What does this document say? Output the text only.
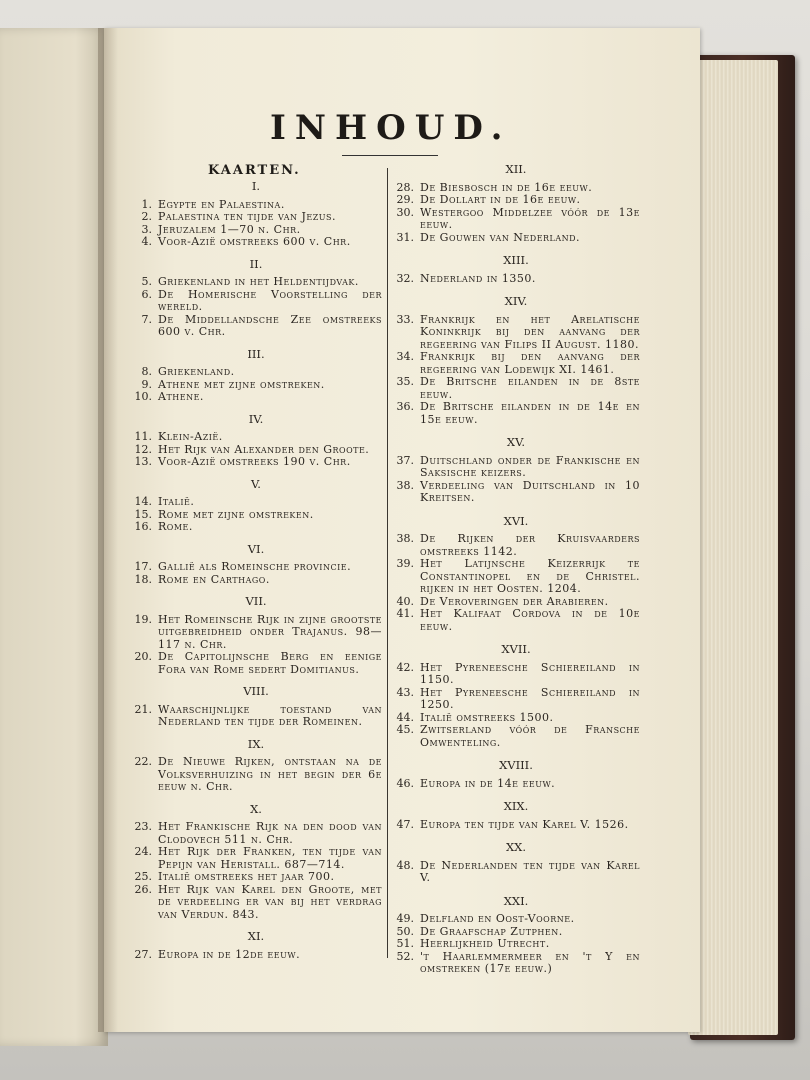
INHOUD.
KAARTEN.
I.
1. Egypte en Palaestina.
2. Palaestina ten tijde van Jezus.
3. Jeruzalem 1—70 n. Chr.
4. Voor-Azië omstreeks 600 v. Chr.
II.
5. Griekenland in het Heldentijdvak.
6. De Homerische Voorstelling der wereld.
7. De Middellandsche Zee omstreeks 600 v. Chr.
III.
8. Griekenland.
9. Athene met zijne omstreken.
10. Athene.
IV.
11. Klein-Azië.
12. Het Rijk van Alexander den Groote.
13. Voor-Azië omstreeks 190 v. Chr.
V.
14. Italië.
15. Rome met zijne omstreken.
16. Rome.
VI.
17. Gallië als Romeinsche provincie.
18. Rome en Carthago.
VII.
19. Het Romeinsche Rijk in zijne grootste uitgebreidheid onder Trajanus. 98—117 n. Chr.
20. De Capitolijnsche Berg en eenige Fora van Rome sedert Domitianus.
VIII.
21. Waarschijnlijke toestand van Nederland ten tijde der Romeinen.
IX.
22. De Nieuwe Rijken, ontstaan na de Volksverhuizing in het begin der 6e eeuw n. Chr.
X.
23. Het Frankische Rijk na den dood van Clodovech 511 n. Chr.
24. Het Rijk der Franken, ten tijde van Pepijn van Heristall. 687—714.
25. Italië omstreeks het jaar 700.
26. Het Rijk van Karel den Groote, met de verdeeling er van bij het verdrag van Verdun. 843.
XI.
27. Europa in de 12de eeuw.
XII.
28. De Biesbosch in de 16e eeuw.
29. De Dollart in de 16e eeuw.
30. Westergoo Middelzee vóór de 13e eeuw.
31. De Gouwen van Nederland.
XIII.
32. Nederland in 1350.
XIV.
33. Frankrijk en het Arelatische Koninkrijk bij den aanvang der regeering van Filips II August. 1180.
34. Frankrijk bij den aanvang der regeering van Lodewijk XI. 1461.
35. De Britsche eilanden in de 8ste eeuw.
36. De Britsche eilanden in de 14e en 15e eeuw.
XV.
37. Duitschland onder de Frankische en Saksische keizers.
38. Verdeeling van Duitschland in 10 Kreitsen.
XVI.
38. De Rijken der Kruisvaarders omstreeks 1142.
39. Het Latijnsche Keizerrijk te Constantinopel en de Christel. rijken in het Oosten. 1204.
40. De Veroveringen der Arabieren.
41. Het Kalifaat Cordova in de 10e eeuw.
XVII.
42. Het Pyreneesche Schiereiland in 1150.
43. Het Pyreneesche Schiereiland in 1250.
44. Italië omstreeks 1500.
45. Zwitserland vóór de Fransche Omwenteling.
XVIII.
46. Europa in de 14e eeuw.
XIX.
47. Europa ten tijde van Karel V. 1526.
XX.
48. De Nederlanden ten tijde van Karel V.
XXI.
49. Delfland en Oost-Voorne.
50. De Graafschap Zutphen.
51. Heerlijkheid Utrecht.
52. 't Haarlemmermeer en 't Y en omstreken (17e eeuw.)
